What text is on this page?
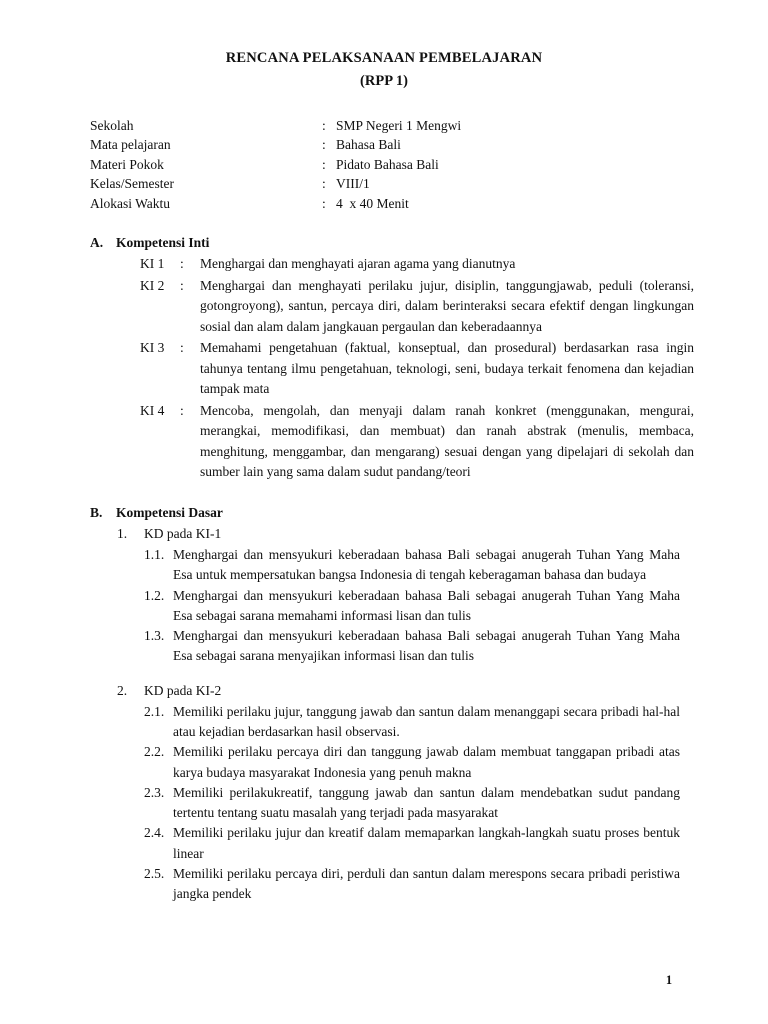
RENCANA PELAKSANAAN PEMBELAJARAN
(RPP 1)
Sekolah	:	SMP Negeri 1 Mengwi
Mata pelajaran	:	Bahasa Bali
Materi Pokok	:	Pidato Bahasa Bali
Kelas/Semester	:	VIII/1
Alokasi Waktu	:	4  x 40 Menit
A. Kompetensi Inti
KI 1	:	Menghargai dan menghayati ajaran agama yang dianutnya
KI 2	:	Menghargai dan menghayati perilaku jujur, disiplin, tanggungjawab, peduli (toleransi, gotongroyong), santun, percaya diri, dalam berinteraksi secara efektif dengan lingkungan sosial dan alam dalam jangkauan pergaulan dan keberadaannya
KI 3	:	Memahami pengetahuan (faktual, konseptual, dan prosedural) berdasarkan rasa ingin tahunya tentang ilmu pengetahuan, teknologi, seni, budaya terkait fenomena dan kejadian tampak mata
KI 4	:	Mencoba, mengolah, dan menyaji dalam ranah konkret (menggunakan, mengurai, merangkai, memodifikasi, dan membuat) dan ranah abstrak (menulis, membaca, menghitung, menggambar, dan mengarang) sesuai dengan yang dipelajari di sekolah dan sumber lain yang sama dalam sudut pandang/teori
B.	Kompetensi Dasar
1.	KD pada KI-1
1.1. Menghargai dan mensyukuri keberadaan bahasa Bali sebagai anugerah Tuhan Yang Maha Esa untuk mempersatukan bangsa Indonesia di tengah keberagaman bahasa dan budaya
1.2. Menghargai dan mensyukuri keberadaan bahasa Bali sebagai anugerah Tuhan Yang Maha Esa sebagai sarana memahami informasi lisan dan tulis
1.3. Menghargai dan mensyukuri keberadaan bahasa Bali sebagai anugerah Tuhan Yang Maha Esa sebagai sarana menyajikan informasi lisan dan tulis
2.	KD pada KI-2
2.1. Memiliki perilaku jujur, tanggung jawab dan santun dalam menanggapi secara pribadi hal-hal atau kejadian berdasarkan hasil observasi.
2.2. Memiliki perilaku percaya diri dan tanggung jawab dalam membuat tanggapan pribadi atas karya budaya masyarakat Indonesia yang penuh makna
2.3. Memiliki perilakukreatif, tanggung jawab dan santun dalam mendebatkan sudut pandang tertentu tentang suatu masalah yang terjadi pada masyarakat
2.4. Memiliki perilaku jujur dan kreatif dalam memaparkan langkah-langkah suatu proses bentuk linear
2.5. Memiliki perilaku percaya diri, perduli dan santun dalam merespons secara pribadi peristiwa jangka pendek
1
